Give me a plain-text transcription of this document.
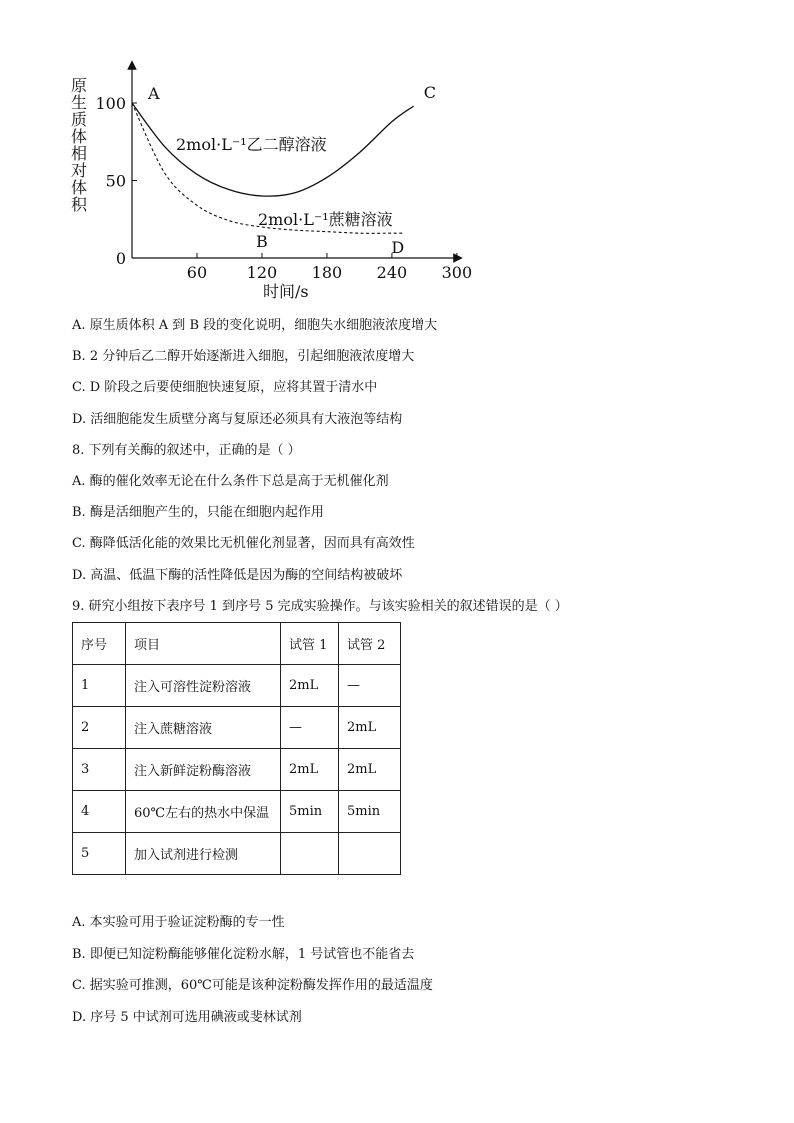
原生质体相对体积
60 120 180 240 300
0
50
100
2mol·L⁻¹乙二醇溶液
2mol·L⁻¹蔗糖溶液
A
B
C
D
时间/s
A. 原生质体积 A 到 B 段的变化说明，细胞失水细胞液浓度增大
B. 2 分钟后乙二醇开始逐渐进入细胞，引起细胞液浓度增大
C. D 阶段之后要使细胞快速复原，应将其置于清水中
D. 活细胞能发生质壁分离与复原还必须具有大液泡等结构
8. 下列有关酶的叙述中，正确的是（ ）
A. 酶的催化效率无论在什么条件下总是高于无机催化剂
B. 酶是活细胞产生的，只能在细胞内起作用
C. 酶降低活化能的效果比无机催化剂显著，因而具有高效性
D. 高温、低温下酶的活性降低是因为酶的空间结构被破坏
9. 研究小组按下表序号 1 到序号 5 完成实验操作。与该实验相关的叙述错误的是（ ）
序号	项目	试管 1	试管 2
1	注入可溶性淀粉溶液	2mL	—
2	注入蔗糖溶液	—	2mL
3	注入新鲜淀粉酶溶液	2mL	2mL
4	60℃左右的热水中保温	5min	5min
5	加入试剂进行检测		
A. 本实验可用于验证淀粉酶的专一性
B. 即便已知淀粉酶能够催化淀粉水解，1 号试管也不能省去
C. 据实验可推测，60℃可能是该种淀粉酶发挥作用的最适温度
D. 序号 5 中试剂可选用碘液或斐林试剂
